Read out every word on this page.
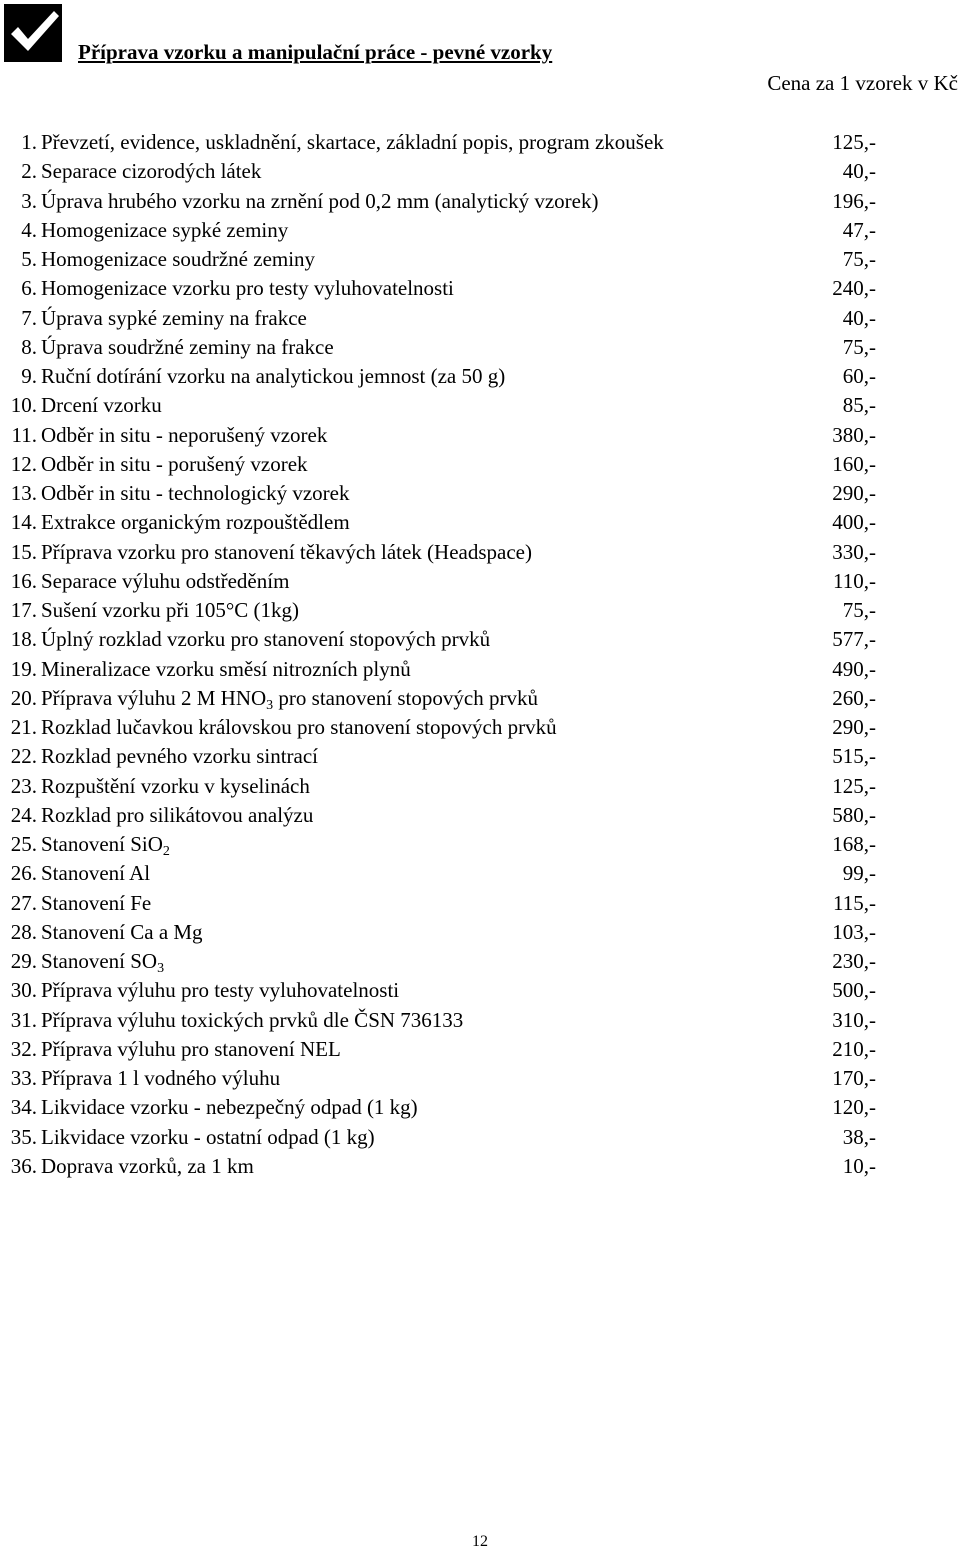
Příprava vzorku a manipulační práce - pevné vzorky
Cena za 1 vzorek v Kč
1. Převzetí, evidence, uskladnění, skartace, základní popis, program zkoušek	125,-
2. Separace cizorodých látek	40,-
3. Úprava hrubého vzorku na zrnění pod 0,2 mm (analytický vzorek)	196,-
4. Homogenizace sypké zeminy	47,-
5. Homogenizace soudržné zeminy	75,-
6. Homogenizace vzorku pro testy vyluhovatelnosti	240,-
7. Úprava sypké zeminy na frakce	40,-
8. Úprava soudržné zeminy na frakce	75,-
9. Ruční dotírání vzorku na analytickou jemnost (za 50 g)	60,-
10. Drcení vzorku	85,-
11. Odběr in situ - neporušený vzorek	380,-
12. Odběr in situ - porušený vzorek	160,-
13. Odběr in situ - technologický vzorek	290,-
14. Extrakce organickým rozpouštědlem	400,-
15. Příprava vzorku pro stanovení těkavých látek (Headspace)	330,-
16. Separace výluhu odstředěním	110,-
17. Sušení vzorku při 105°C (1kg)	75,-
18. Úplný rozklad vzorku pro stanovení stopových prvků	577,-
19. Mineralizace vzorku směsí nitrozních plynů	490,-
20. Příprava výluhu 2 M $HNO_3$ pro stanovení stopových prvků	260,-
21. Rozklad lučavkou královskou pro stanovení stopových prvků	290,-
22. Rozklad pevného vzorku sintrací	515,-
23. Rozpuštění vzorku v kyselinách	125,-
24. Rozklad pro silikátovou analýzu	580,-
25. Stanovení SiO$_2$	168,-
26. Stanovení Al	99,-
27. Stanovení Fe	115,-
28. Stanovení Ca a Mg	103,-
29. Stanovení $SO_3$	230,-
30. Příprava výluhu pro testy vyluhovatelnosti	500,-
31. Příprava výluhu toxických prvků dle ČSN 736133	310,-
32. Příprava výluhu pro stanovení NEL	210,-
33. Příprava 1 l vodného výluhu	170,-
34. Likvidace vzorku - nebezpečný odpad (1 kg)	120,-
35. Likvidace vzorku - ostatní odpad (1 kg)	38,-
36. Doprava vzorků, za 1 km	10,-
12
